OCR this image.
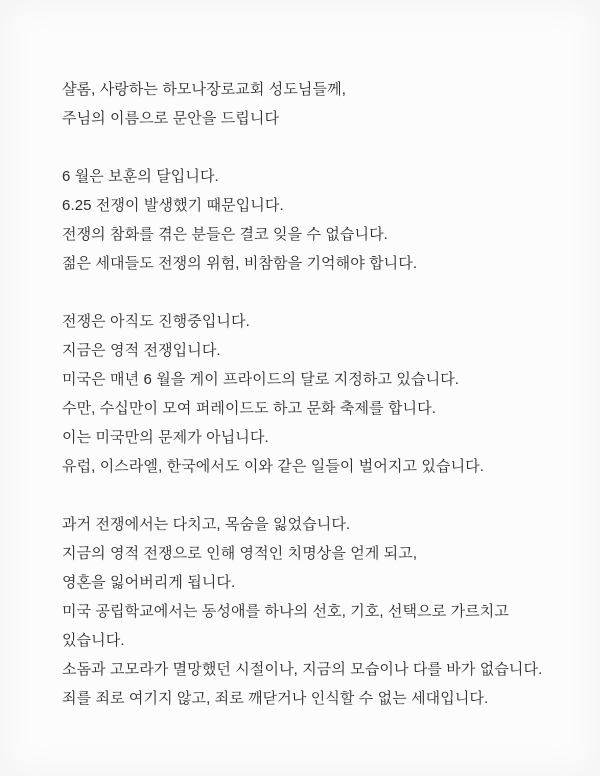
샬롬, 사랑하는 하모나장로교회 성도님들께,
주님의 이름으로 문안을 드립니다
6 월은 보훈의 달입니다.
6.25 전쟁이 발생했기 때문입니다.
전쟁의 참화를 겪은 분들은 결코 잊을 수 없습니다.
젊은 세대들도 전쟁의 위험, 비참함을 기억해야 합니다.
전쟁은 아직도 진행중입니다.
지금은 영적 전쟁입니다.
미국은 매년 6 월을 게이 프라이드의 달로 지정하고 있습니다.
수만, 수십만이 모여 퍼레이드도 하고 문화 축제를 합니다.
이는 미국만의 문제가 아닙니다.
유럽, 이스라엘, 한국에서도 이와 같은 일들이 벌어지고 있습니다.
과거 전쟁에서는 다치고, 목숨을 잃었습니다.
지금의 영적 전쟁으로 인해 영적인 치명상을 얻게 되고,
영혼을 잃어버리게 됩니다.
미국 공립학교에서는 동성애를 하나의 선호, 기호, 선택으로 가르치고
있습니다.
소돔과 고모라가 멸망했던 시절이나, 지금의 모습이나 다를 바가 없습니다.
죄를 죄로 여기지 않고, 죄로 깨닫거나 인식할 수 없는 세대입니다.
